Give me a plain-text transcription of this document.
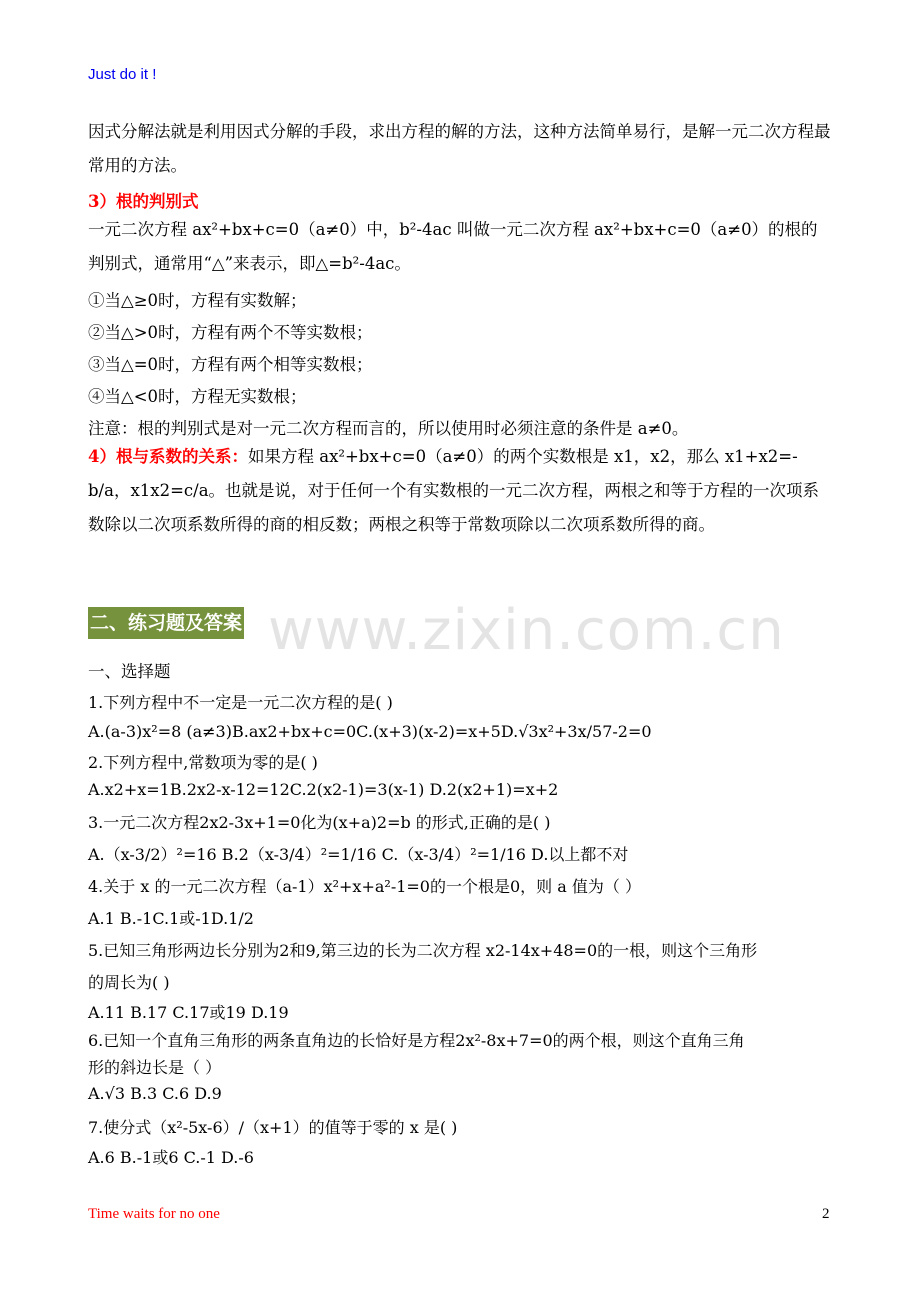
Just do it !
www.zixin.com.cn

因式分解法就是利用因式分解的手段，求出方程的解的方法，这种方法简单易行，是解一元二次方程最常用的方法。

3）根的判别式

一元二次方程 ax²+bx+c=0（a≠0）中，b²-4ac 叫做一元二次方程 ax²+bx+c=0（a≠0）的根的判别式，通常用“△”来表示，即△=b²-4ac。

①当△≥0时，方程有实数解；

②当△>0时，方程有两个不等实数根；

③当△=0时，方程有两个相等实数根；

④当△<0时，方程无实数根；

注意：根的判别式是对一元二次方程而言的，所以使用时必须注意的条件是 a≠0。

4）根与系数的关系：如果方程 ax²+bx+c=0（a≠0）的两个实数根是 x1，x2，那么 x1+x2=-b/a，x1x2=c/a。也就是说，对于任何一个有实数根的一元二次方程，两根之和等于方程的一次项系数除以二次项系数所得的商的相反数；两根之积等于常数项除以二次项系数所得的商。

二、练习题及答案

一、选择题

1.下列方程中不一定是一元二次方程的是( )

A.(a-3)x²=8 (a≠3)B.ax2+bx+c=0C.(x+3)(x-2)=x+5D.√3x²+3x/57-2=0

2.下列方程中,常数项为零的是( )

A.x2+x=1B.2x2-x-12=12C.2(x2-1)=3(x-1) D.2(x2+1)=x+2

3.一元二次方程2x2-3x+1=0化为(x+a)2=b 的形式,正确的是( )

A.（x-3/2）²=16 B.2（x-3/4）²=1/16 C.（x-3/4）²=1/16 D.以上都不对

4.关于 x 的一元二次方程（a-1）x²+x+a²-1=0的一个根是0，则 a 值为（ ）

A.1 B.-1C.1或-1D.1/2

5.已知三角形两边长分别为2和9,第三边的长为二次方程 x2-14x+48=0的一根，则这个三角形

的周长为( )

A.11 B.17 C.17或19 D.19

6.已知一个直角三角形的两条直角边的长恰好是方程2x²-8x+7=0的两个根，则这个直角三角

形的斜边长是（ ）

A.√3 B.3 C.6 D.9

7.使分式（x²-5x-6）/（x+1）的值等于零的 x 是( )

A.6 B.-1或6 C.-1 D.-6

Time waits for no one	2
